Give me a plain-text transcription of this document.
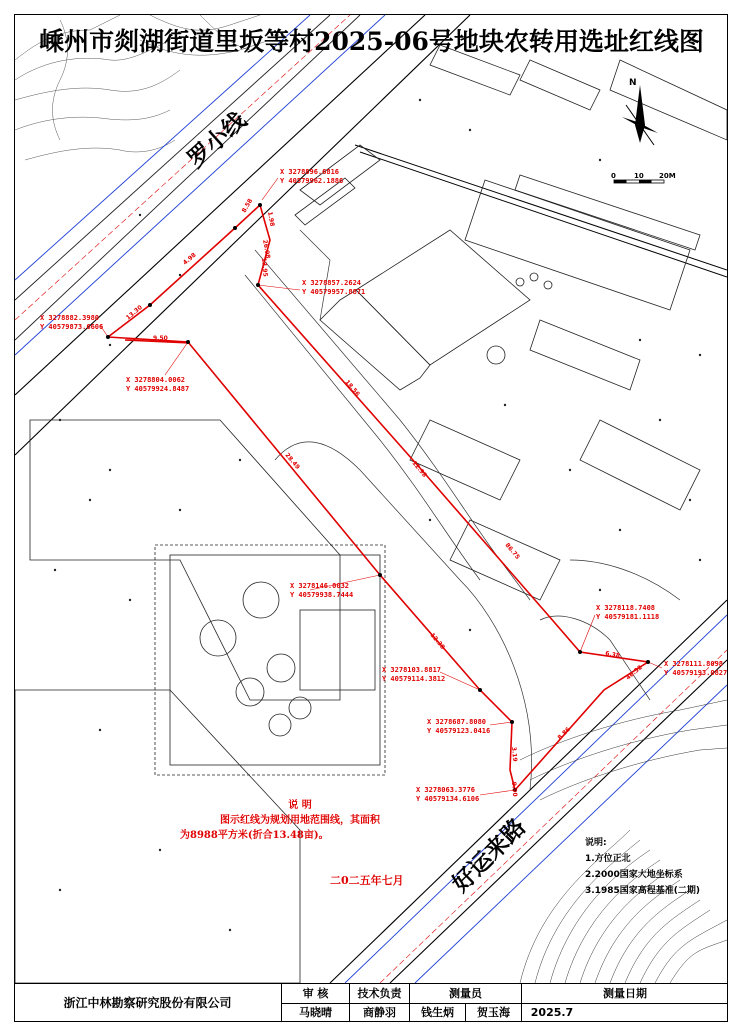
13.30
4.98
8.58
26.08
13.95
1.98
18.56
12.98
86.75
6.38
46.32
8.86
3.19
9.90
28.49
12.38
9.50
嵊州市剡湖街道里坂等村2025-06号地块农转用选址红线图
罗小线
好运来路
N
0	10 20M
X 3278896.6816
Y 40579962.1886
X 3278857.2624
Y 40579957.8871
X 3278882.3980
Y 40579873.6606
X 3278804.0062
Y 40579924.8487
X 3278146.0032
Y 40579938.7444
X 3278118.7408
Y 40579181.1118
X 3278111.8098
Y 40579193.0827
X 3278103.8817
Y 40579114.3812
X 3278687.8080
Y 40579123.0416
X 3278063.3776
Y 40579134.6106
说 明
图示红线为规划用地范围线，其面积
为8988平方米(折合13.48亩)。
二0二五年七月
说明:
1.方位正北
2.2000国家大地坐标系
3.1985国家高程基准(二期)
浙江中林勘察研究股份有限公司
审 核	技术负责	测量员	测量日期
马晓晴	商静羽	钱生炳	贺玉海	2025.7
